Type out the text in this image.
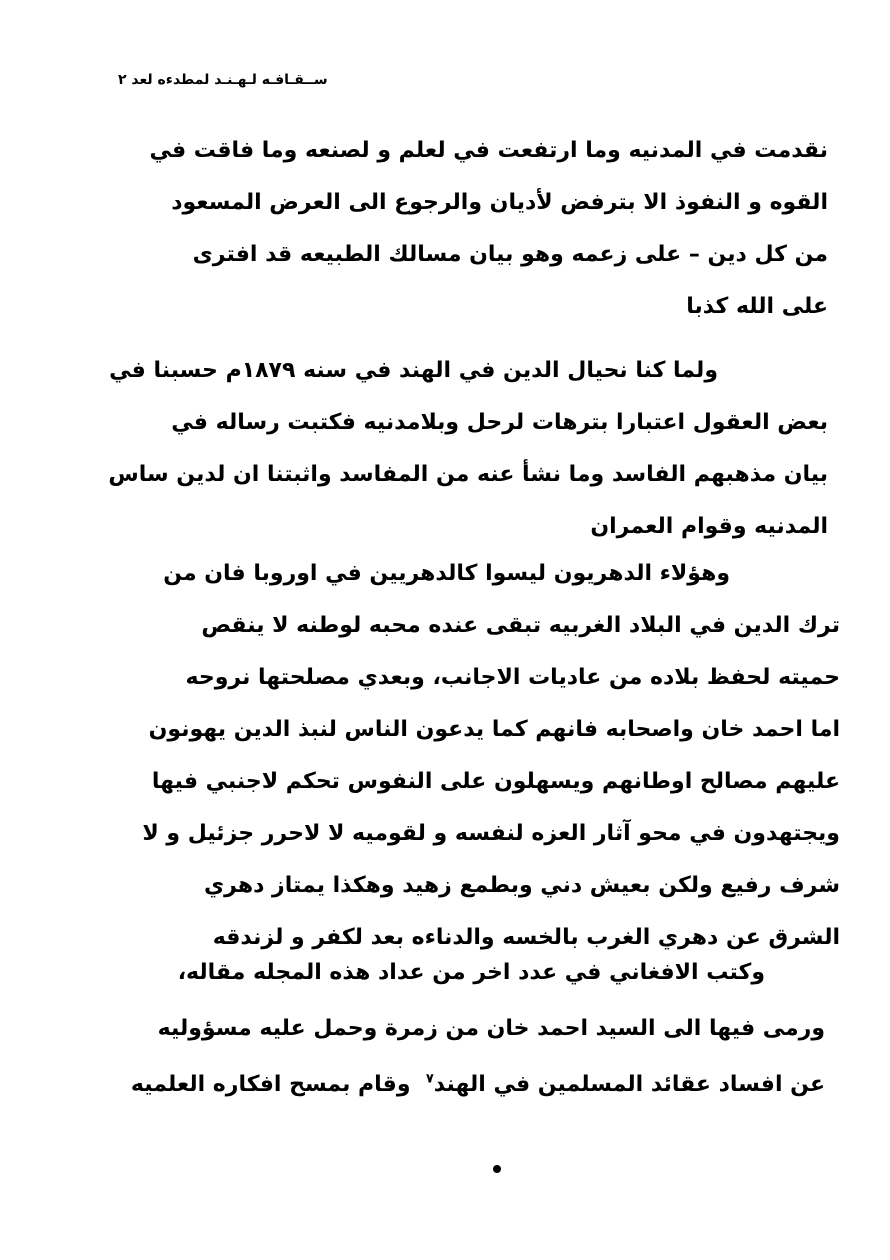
ســقـافـه لـهـنـد لمطدءه لعد ٢
نقدمت في المدنيه وما ارتفعت في لعلم و لصنعه وما فاقت في
القوه و النفوذ الا بترفض لأديان والرجوع الى العرض المسعود
من كل دين – على زعمه وهو بيان مسالك الطبيعه قد افترى
على الله كذبا
ولما كنا نحيال الدين في الهند في سنه ١٨٧٩م حسبنا في
بعض العقول اعتبارا بترهات لرحل وبلامدنيه فكتبت رساله في
بيان مذهبهم الفاسد وما نشأ عنه من المفاسد واثبتنا ان لدين ساس
المدنيه وقوام العمران
وهؤلاء الدهريون ليسوا كالدهريين في اوروبا فان من
ترك الدين في البلاد الغربيه تبقى عنده محبه لوطنه لا ينقص
حميته لحفظ بلاده من عاديات الاجانب، وبعدي مصلحتها نروحه
اما احمد خان واصحابه فانهم كما يدعون الناس لنبذ الدين يهونون
عليهم مصالح اوطانهم ويسهلون على النفوس تحكم لاجنبي فيها
ويجتهدون في محو آثار العزه لنفسه و لقوميه لا لاحرر جزئيل و لا
شرف رفيع ولكن بعيش دني وبطمع زهيد وهكذا يمتاز دهري
الشرق عن دهري الغرب بالخسه والدناءه بعد لكفر و لزندقه
وكتب الافغاني في عدد اخر من عداد هذه المجله مقاله،
ورمى فيها الى السيد احمد خان من زمرة وحمل عليه مسؤوليه
عن افساد عقائد المسلمين في الهند$^٧$  وقام بمسح افكاره العلميه
